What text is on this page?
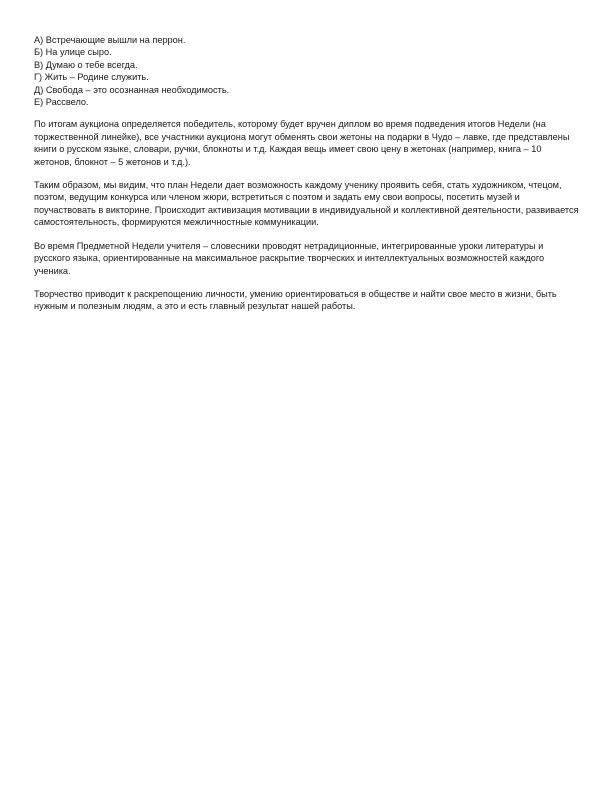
А) Встречающие вышли на перрон.
Б) На улице сыро.
В) Думаю о тебе всегда.
Г) Жить – Родине служить.
Д) Свобода – это осознанная необходимость.
Е) Рассвело.

По итогам аукциона определяется победитель, которому будет вручен диплом во время подведения итогов Недели (на торжественной линейке), все участники аукциона могут обменять свои жетоны на подарки в Чудо – лавке, где представлены книги о русском языке, словари, ручки, блокноты и т.д. Каждая вещь имеет свою цену в жетонах (например, книга – 10 жетонов, блокнот – 5 жетонов и т.д.).

Таким образом, мы видим, что план Недели дает возможность каждому ученику проявить себя, стать художником, чтецом, поэтом, ведущим конкурса или членом жюри, встретиться с поэтом и задать ему свои вопросы, посетить музей и поучаствовать в викторине. Происходит активизация мотивации в индивидуальной и коллективной деятельности, развивается самостоятельность, формируются межличностные коммуникации.

Во время Предметной Недели учителя – словесники проводят нетрадиционные, интегрированные уроки литературы и русского языка, ориентированные на максимальное раскрытие творческих и интеллектуальных возможностей каждого ученика.

Творчество приводит к раскрепощению личности, умению ориентироваться в обществе и найти свое место в жизни, быть нужным и полезным людям, а это и есть главный результат нашей работы.
